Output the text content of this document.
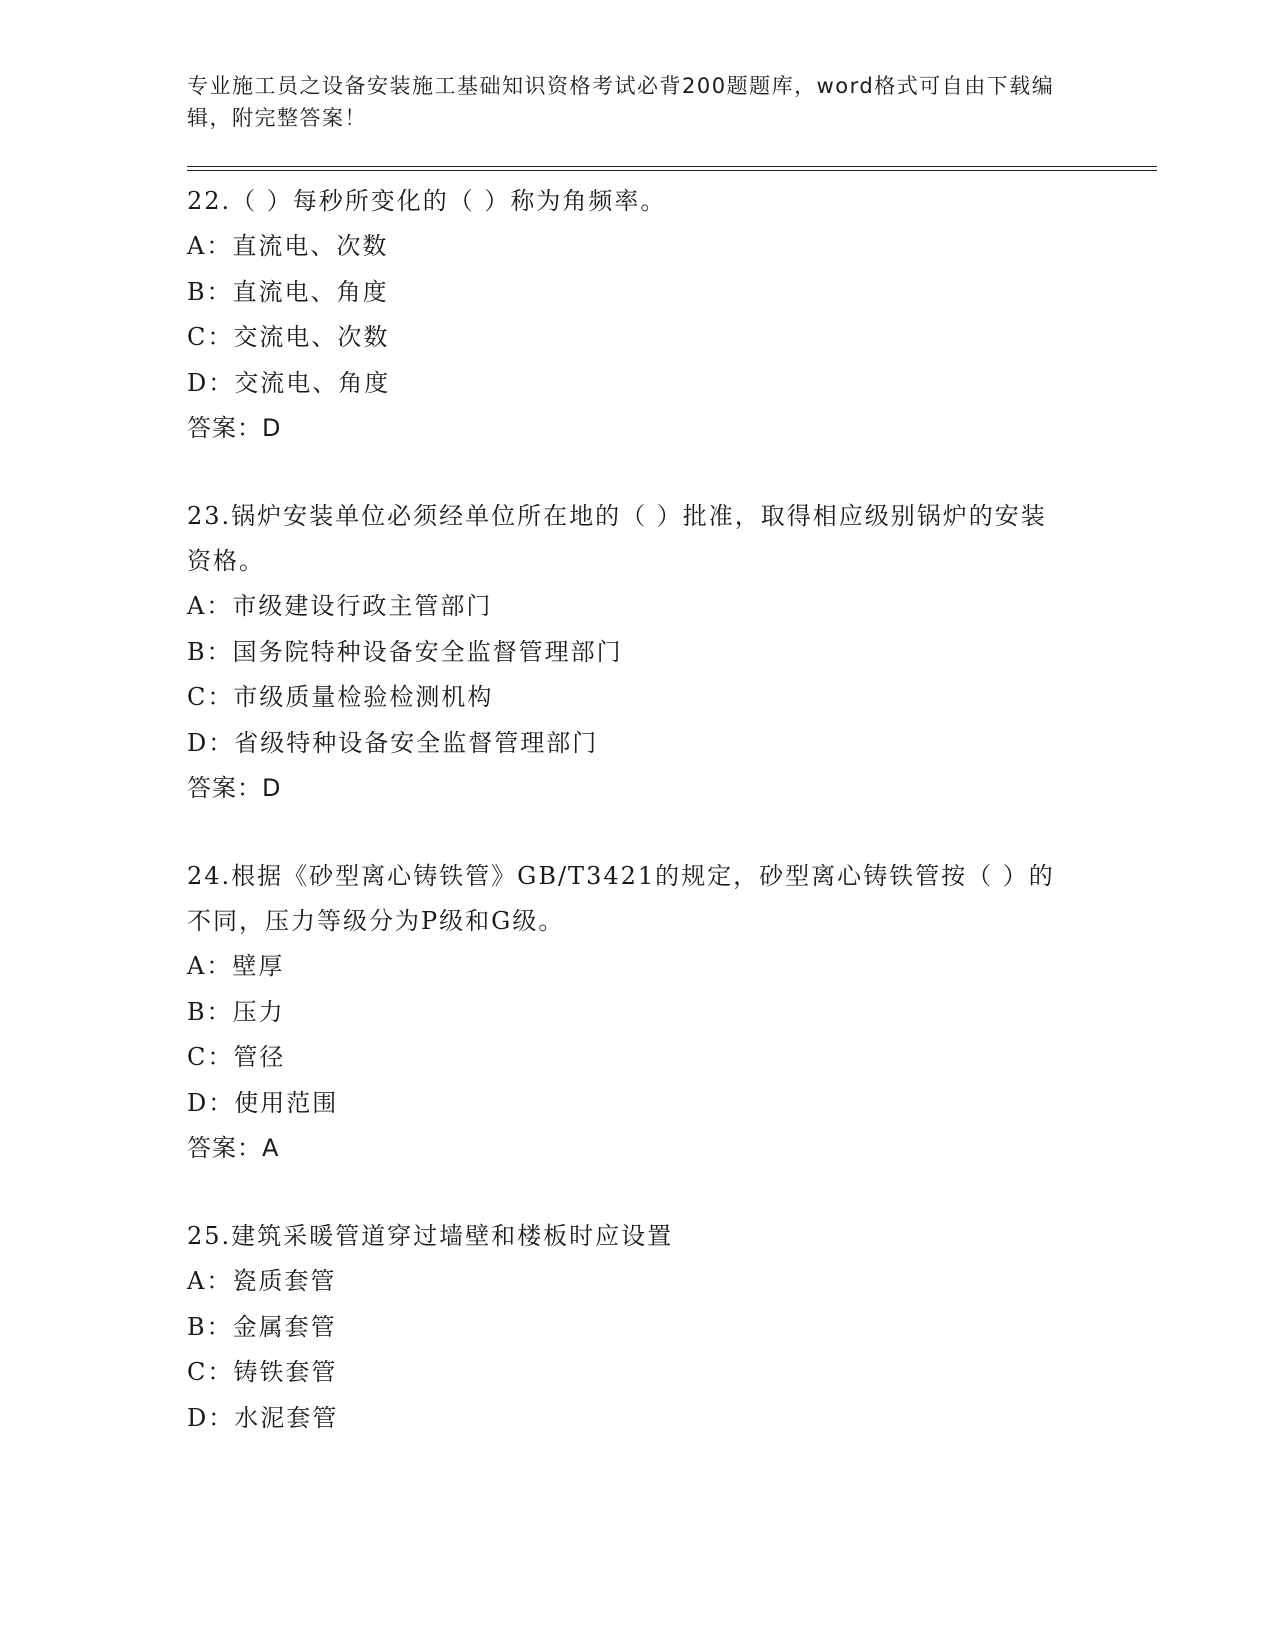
专业施工员之设备安装施工基础知识资格考试必背200题题库，word格式可自由下载编辑，附完整答案！

22.（ ）每秒所变化的（ ）称为角频率。

A：直流电、次数

B：直流电、角度

C：交流电、次数

D：交流电、角度

答案：D

23.锅炉安装单位必须经单位所在地的（ ）批准，取得相应级别锅炉的安装资格。

A：市级建设行政主管部门

B：国务院特种设备安全监督管理部门

C：市级质量检验检测机构

D：省级特种设备安全监督管理部门

答案：D

24.根据《砂型离心铸铁管》GB/T3421的规定，砂型离心铸铁管按（ ）的不同，压力等级分为P级和G级。

A：壁厚

B：压力

C：管径

D：使用范围

答案：A

25.建筑采暖管道穿过墙壁和楼板时应设置

A：瓷质套管

B：金属套管

C：铸铁套管

D：水泥套管
